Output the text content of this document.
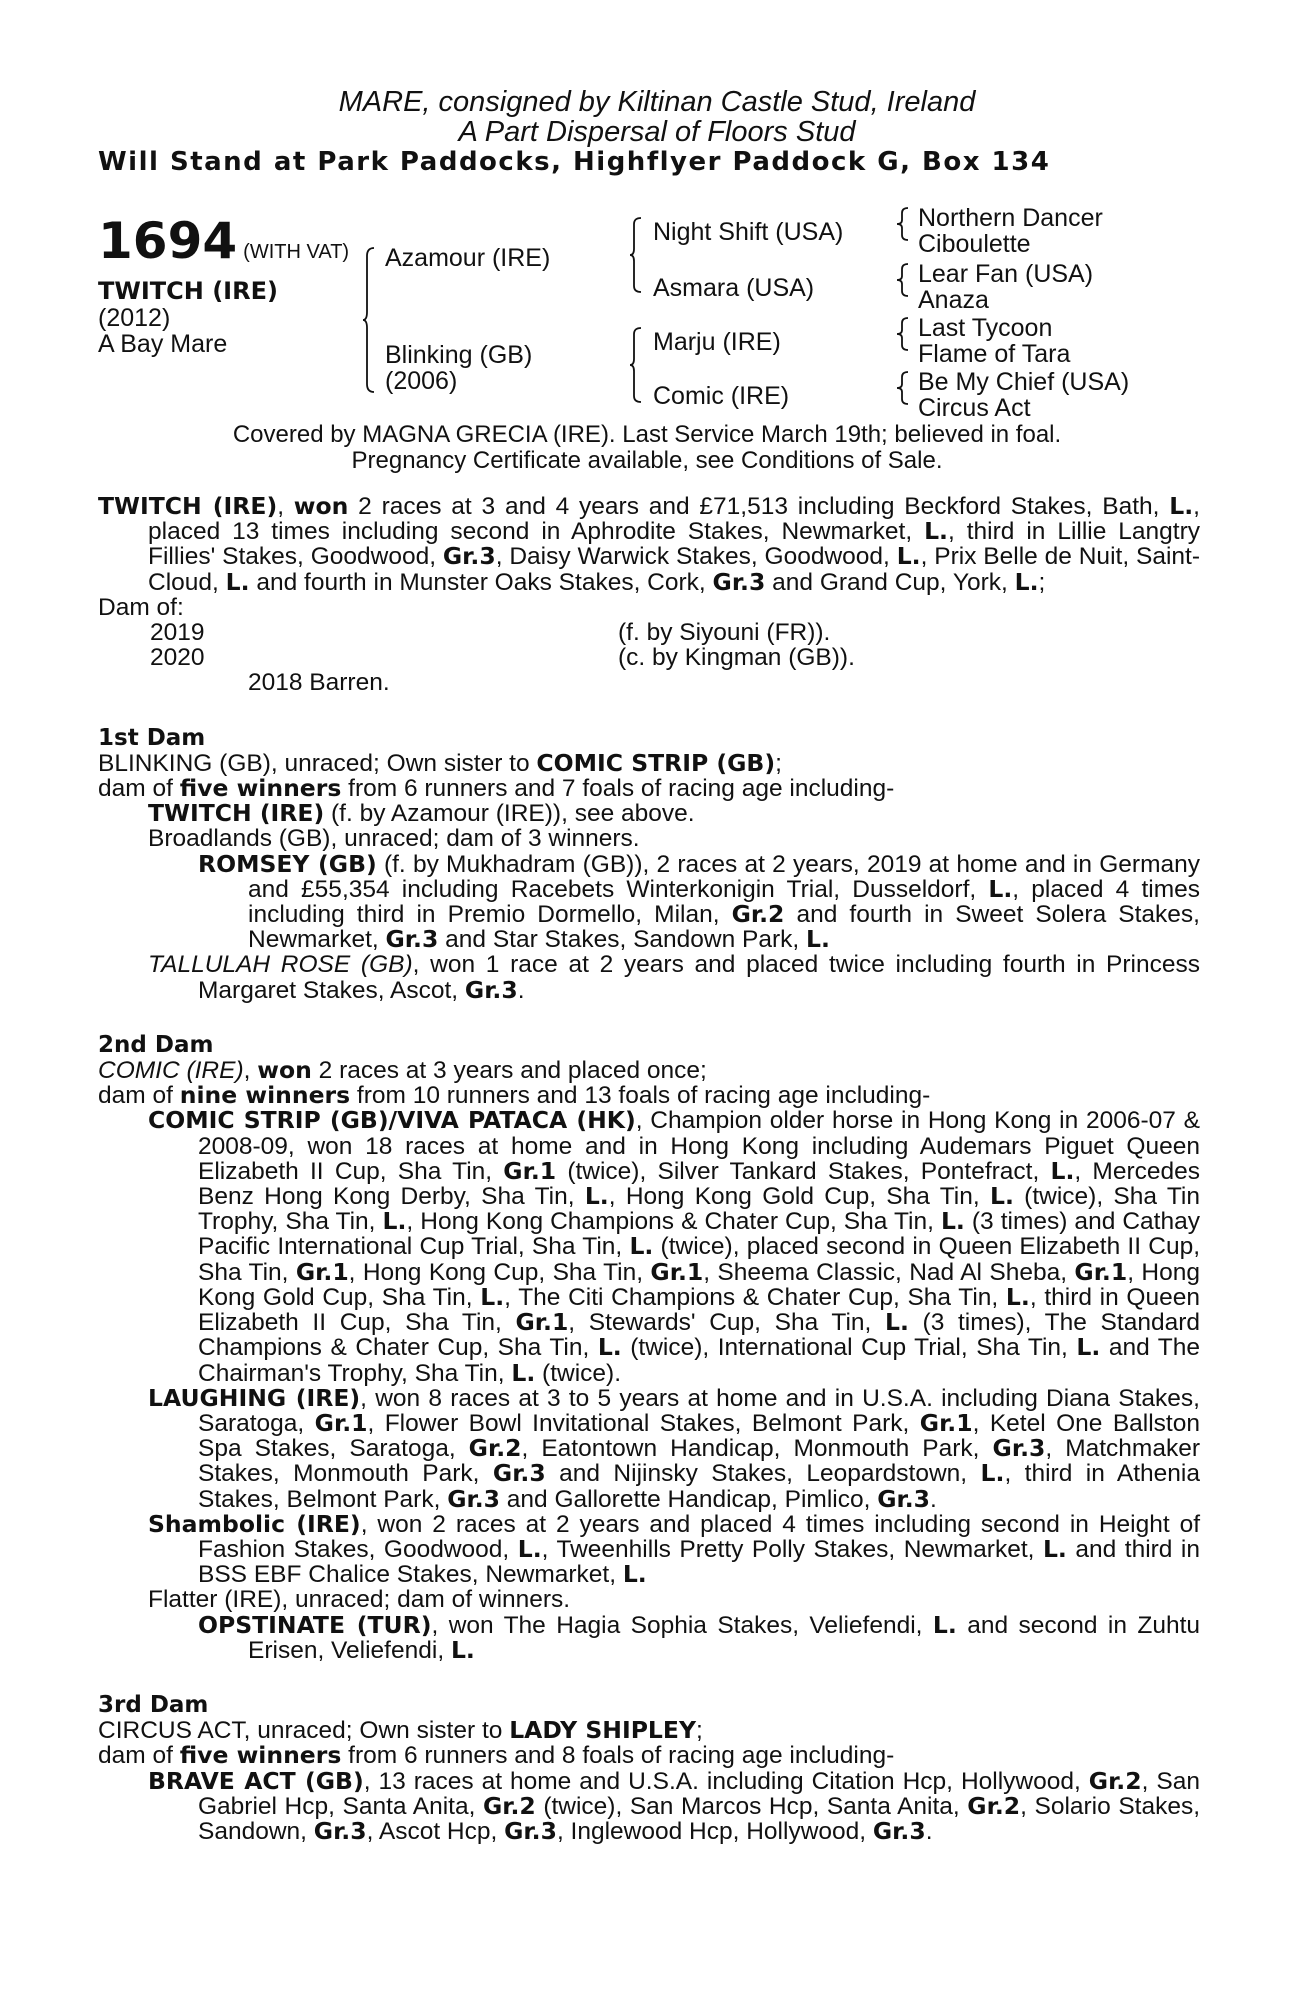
MARE, consigned by Kiltinan Castle Stud, Ireland
A Part Dispersal of Floors Stud
Will Stand at Park Paddocks, Highflyer Paddock G, Box 134
1694 (WITH VAT)
TWITCH (IRE)
(2012)
A Bay Mare
Azamour (IRE)
Blinking (GB)
(2006)
Night Shift (USA)
Asmara (USA)
Marju (IRE)
Comic (IRE)
Northern Dancer
Ciboulette
Lear Fan (USA)
Anaza
Last Tycoon
Flame of Tara
Be My Chief (USA)
Circus Act
Covered by MAGNA GRECIA (IRE). Last Service March 19th; believed in foal.
Pregnancy Certificate available, see Conditions of Sale.

TWITCH (IRE), won 2 races at 3 and 4 years and £71,513 including Beckford Stakes, Bath, L., placed 13 times including second in Aphrodite Stakes, Newmarket, L., third in Lillie Langtry Fillies' Stakes, Goodwood, Gr.3, Daisy Warwick Stakes, Goodwood, L., Prix Belle de Nuit, Saint-Cloud, L. and fourth in Munster Oaks Stakes, Cork, Gr.3 and Grand Cup, York, L.;

Dam of:
2019	(f. by Siyouni (FR)).
2020	(c. by Kingman (GB)).
2018 Barren.
1st Dam
BLINKING (GB), unraced; Own sister to COMIC STRIP (GB);
dam of five winners from 6 runners and 7 foals of racing age including-

TWITCH (IRE) (f. by Azamour (IRE)), see above.

Broadlands (GB), unraced; dam of 3 winners.

ROMSEY (GB) (f. by Mukhadram (GB)), 2 races at 2 years, 2019 at home and in Germany and £55,354 including Racebets Winterkonigin Trial, Dusseldorf, L., placed 4 times including third in Premio Dormello, Milan, Gr.2 and fourth in Sweet Solera Stakes, Newmarket, Gr.3 and Star Stakes, Sandown Park, L.

TALLULAH ROSE (GB), won 1 race at 2 years and placed twice including fourth in Princess Margaret Stakes, Ascot, Gr.3.

2nd Dam
COMIC (IRE), won 2 races at 3 years and placed once;
dam of nine winners from 10 runners and 13 foals of racing age including-

COMIC STRIP (GB)/VIVA PATACA (HK), Champion older horse in Hong Kong in 2006-07 & 2008-09, won 18 races at home and in Hong Kong including Audemars Piguet Queen Elizabeth II Cup, Sha Tin, Gr.1 (twice), Silver Tankard Stakes, Pontefract, L., Mercedes Benz Hong Kong Derby, Sha Tin, L., Hong Kong Gold Cup, Sha Tin, L. (twice), Sha Tin Trophy, Sha Tin, L., Hong Kong Champions & Chater Cup, Sha Tin, L. (3 times) and Cathay Pacific International Cup Trial, Sha Tin, L. (twice), placed second in Queen Elizabeth II Cup, Sha Tin, Gr.1, Hong Kong Cup, Sha Tin, Gr.1, Sheema Classic, Nad Al Sheba, Gr.1, Hong Kong Gold Cup, Sha Tin, L., The Citi Champions & Chater Cup, Sha Tin, L., third in Queen Elizabeth II Cup, Sha Tin, Gr.1, Stewards' Cup, Sha Tin, L. (3 times), The Standard Champions & Chater Cup, Sha Tin, L. (twice), International Cup Trial, Sha Tin, L. and The Chairman's Trophy, Sha Tin, L. (twice).

LAUGHING (IRE), won 8 races at 3 to 5 years at home and in U.S.A. including Diana Stakes, Saratoga, Gr.1, Flower Bowl Invitational Stakes, Belmont Park, Gr.1, Ketel One Ballston Spa Stakes, Saratoga, Gr.2, Eatontown Handicap, Monmouth Park, Gr.3, Matchmaker Stakes, Monmouth Park, Gr.3 and Nijinsky Stakes, Leopardstown, L., third in Athenia Stakes, Belmont Park, Gr.3 and Gallorette Handicap, Pimlico, Gr.3.

Shambolic (IRE), won 2 races at 2 years and placed 4 times including second in Height of Fashion Stakes, Goodwood, L., Tweenhills Pretty Polly Stakes, Newmarket, L. and third in BSS EBF Chalice Stakes, Newmarket, L.

Flatter (IRE), unraced; dam of winners.

OPSTINATE (TUR), won The Hagia Sophia Stakes, Veliefendi, L. and second in Zuhtu Erisen, Veliefendi, L.

3rd Dam
CIRCUS ACT, unraced; Own sister to LADY SHIPLEY;
dam of five winners from 6 runners and 8 foals of racing age including-

BRAVE ACT (GB), 13 races at home and U.S.A. including Citation Hcp, Hollywood, Gr.2, San Gabriel Hcp, Santa Anita, Gr.2 (twice), San Marcos Hcp, Santa Anita, Gr.2, Solario Stakes, Sandown, Gr.3, Ascot Hcp, Gr.3, Inglewood Hcp, Hollywood, Gr.3.
